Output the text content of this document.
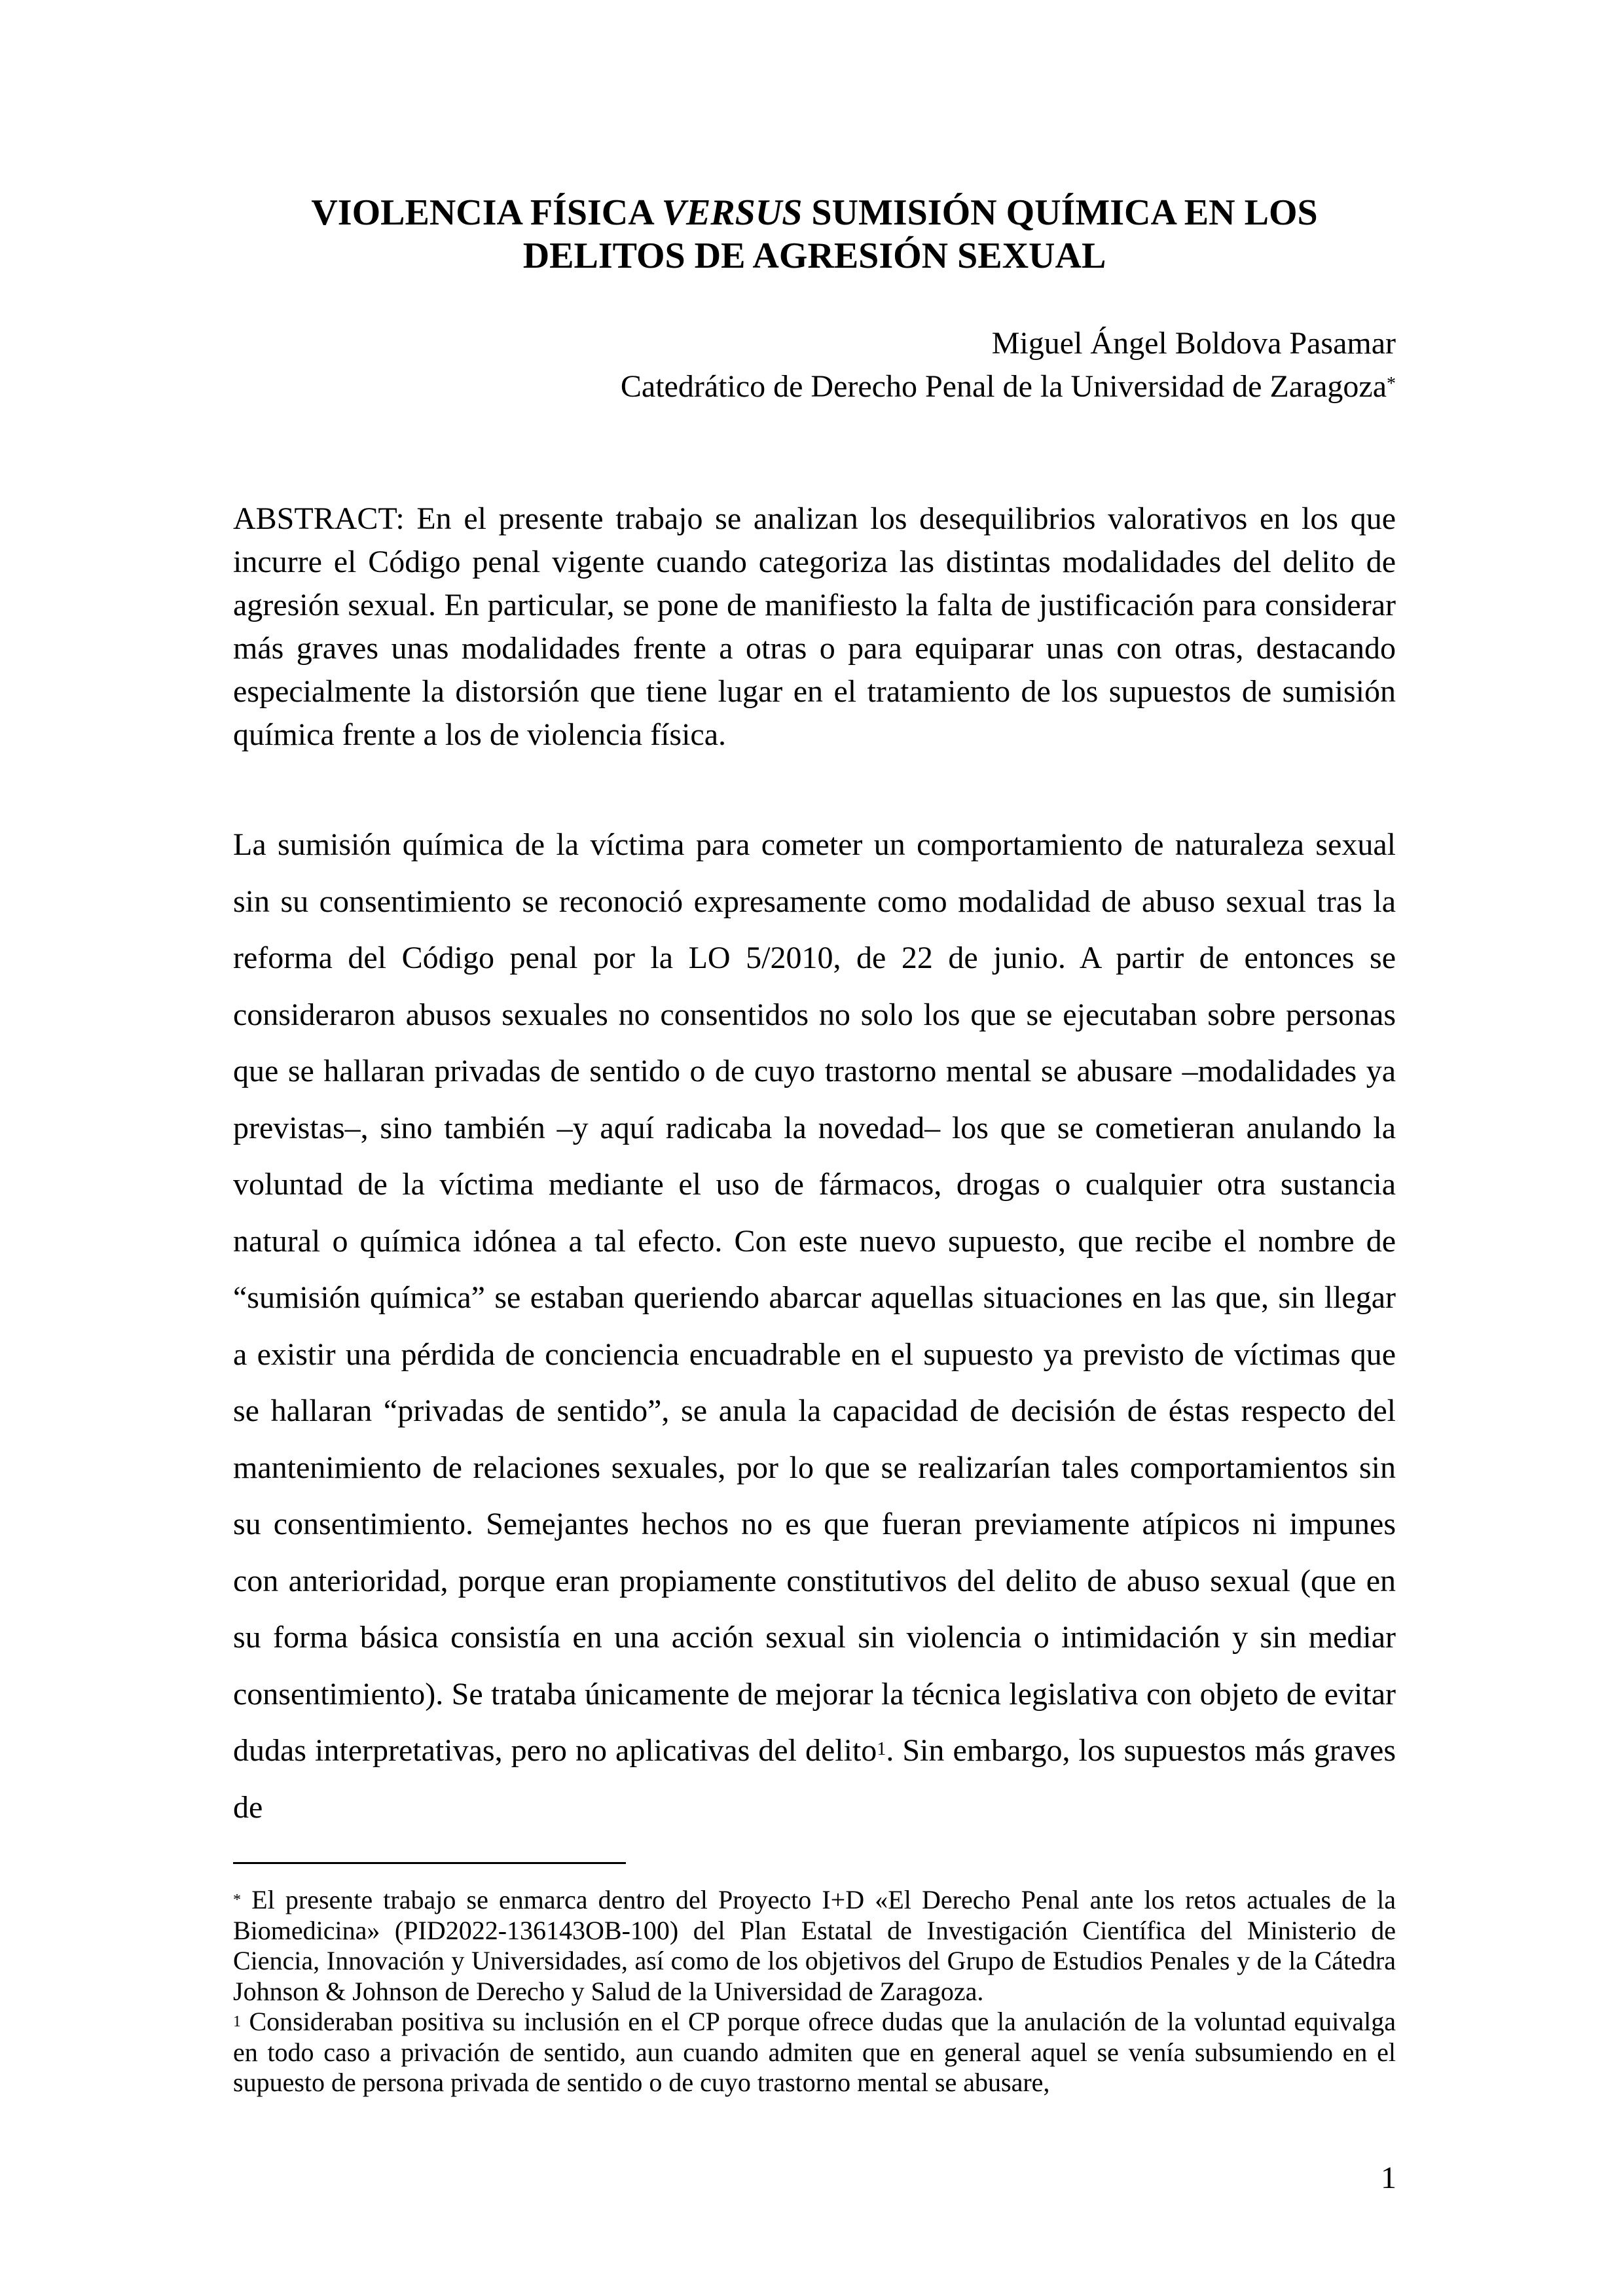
VIOLENCIA FÍSICA VERSUS SUMISIÓN QUÍMICA EN LOS
DELITOS DE AGRESIÓN SEXUAL
Miguel Ángel Boldova Pasamar
Catedrático de Derecho Penal de la Universidad de Zaragoza*

ABSTRACT: En el presente trabajo se analizan los desequilibrios valorativos en los que incurre el Código penal vigente cuando categoriza las distintas modalidades del delito de agresión sexual. En particular, se pone de manifiesto la falta de justificación para considerar más graves unas modalidades frente a otras o para equiparar unas con otras, destacando especialmente la distorsión que tiene lugar en el tratamiento de los supuestos de sumisión química frente a los de violencia física.

La sumisión química de la víctima para cometer un comportamiento de naturaleza sexual sin su consentimiento se reconoció expresamente como modalidad de abuso sexual tras la reforma del Código penal por la LO 5/2010, de 22 de junio. A partir de entonces se consideraron abusos sexuales no consentidos no solo los que se ejecutaban sobre personas que se hallaran privadas de sentido o de cuyo trastorno mental se abusare –modalidades ya previstas–, sino también –y aquí radicaba la novedad– los que se cometieran anulando la voluntad de la víctima mediante el uso de fármacos, drogas o cualquier otra sustancia natural o química idónea a tal efecto. Con este nuevo supuesto, que recibe el nombre de “sumisión química” se estaban queriendo abarcar aquellas situaciones en las que, sin llegar a existir una pérdida de conciencia encuadrable en el supuesto ya previsto de víctimas que se hallaran “privadas de sentido”, se anula la capacidad de decisión de éstas respecto del mantenimiento de relaciones sexuales, por lo que se realizarían tales comportamientos sin su consentimiento. Semejantes hechos no es que fueran previamente atípicos ni impunes con anterioridad, porque eran propiamente constitutivos del delito de abuso sexual (que en su forma básica consistía en una acción sexual sin violencia o intimidación y sin mediar consentimiento). Se trataba únicamente de mejorar la técnica legislativa con objeto de evitar dudas interpretativas, pero no aplicativas del delito$^1$. Sin embargo, los supuestos más graves de

* El presente trabajo se enmarca dentro del Proyecto I+D «El Derecho Penal ante los retos actuales de la Biomedicina» (PID2022-136143OB-100) del Plan Estatal de Investigación Científica del Ministerio de Ciencia, Innovación y Universidades, así como de los objetivos del Grupo de Estudios Penales y de la Cátedra Johnson & Johnson de Derecho y Salud de la Universidad de Zaragoza.

$^1$ Consideraban positiva su inclusión en el CP porque ofrece dudas que la anulación de la voluntad equivalga en todo caso a privación de sentido, aun cuando admiten que en general aquel se venía subsumiendo en el supuesto de persona privada de sentido o de cuyo trastorno mental se abusare,

1
